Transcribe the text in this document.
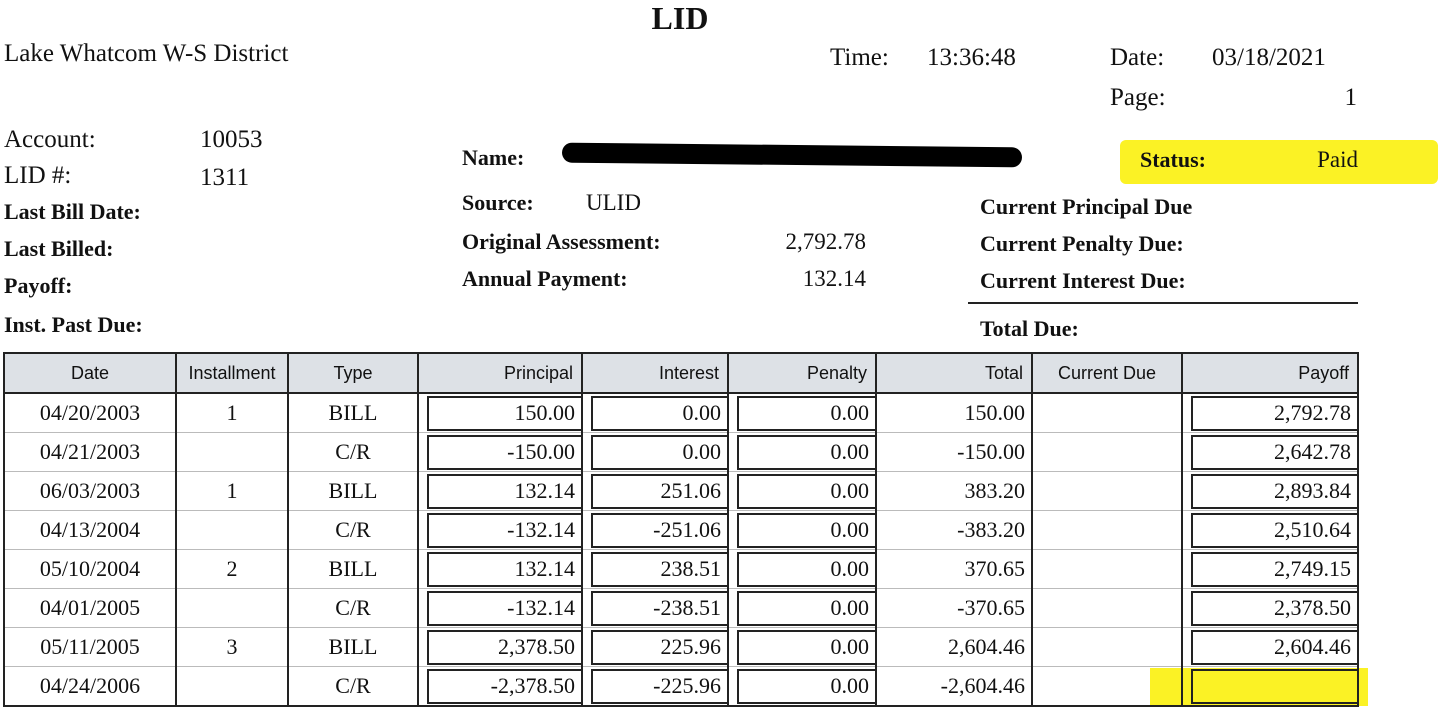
LID
Lake Whatcom W-S District	Time: 13:36:48	Date: 03/18/2021
Page:	1
Account:	10053
LID #:	1311
Last Bill Date:
Last Billed:
Payoff:
Inst. Past Due:
Name:
Source: ULID
Original Assessment:	2,792.78
Annual Payment:	132.14
Status:	Paid
Current Principal Due
Current Penalty Due:
Current Interest Due:
Total Due:
Date	Installment	Type	Principal	Interest	Penalty	Total	Current Due	Payoff
04/20/2003	1	BILL	150.00	0.00	0.00	150.00		2,792.78
04/21/2003		C/R	-150.00	0.00	0.00	-150.00		2,642.78
06/03/2003	1	BILL	132.14	251.06	0.00	383.20		2,893.84
04/13/2004		C/R	-132.14	-251.06	0.00	-383.20		2,510.64
05/10/2004	2	BILL	132.14	238.51	0.00	370.65		2,749.15
04/01/2005		C/R	-132.14	-238.51	0.00	-370.65		2,378.50
05/11/2005	3	BILL	2,378.50	225.96	0.00	2,604.46		2,604.46
04/24/2006		C/R	-2,378.50	-225.96	0.00	-2,604.46		
